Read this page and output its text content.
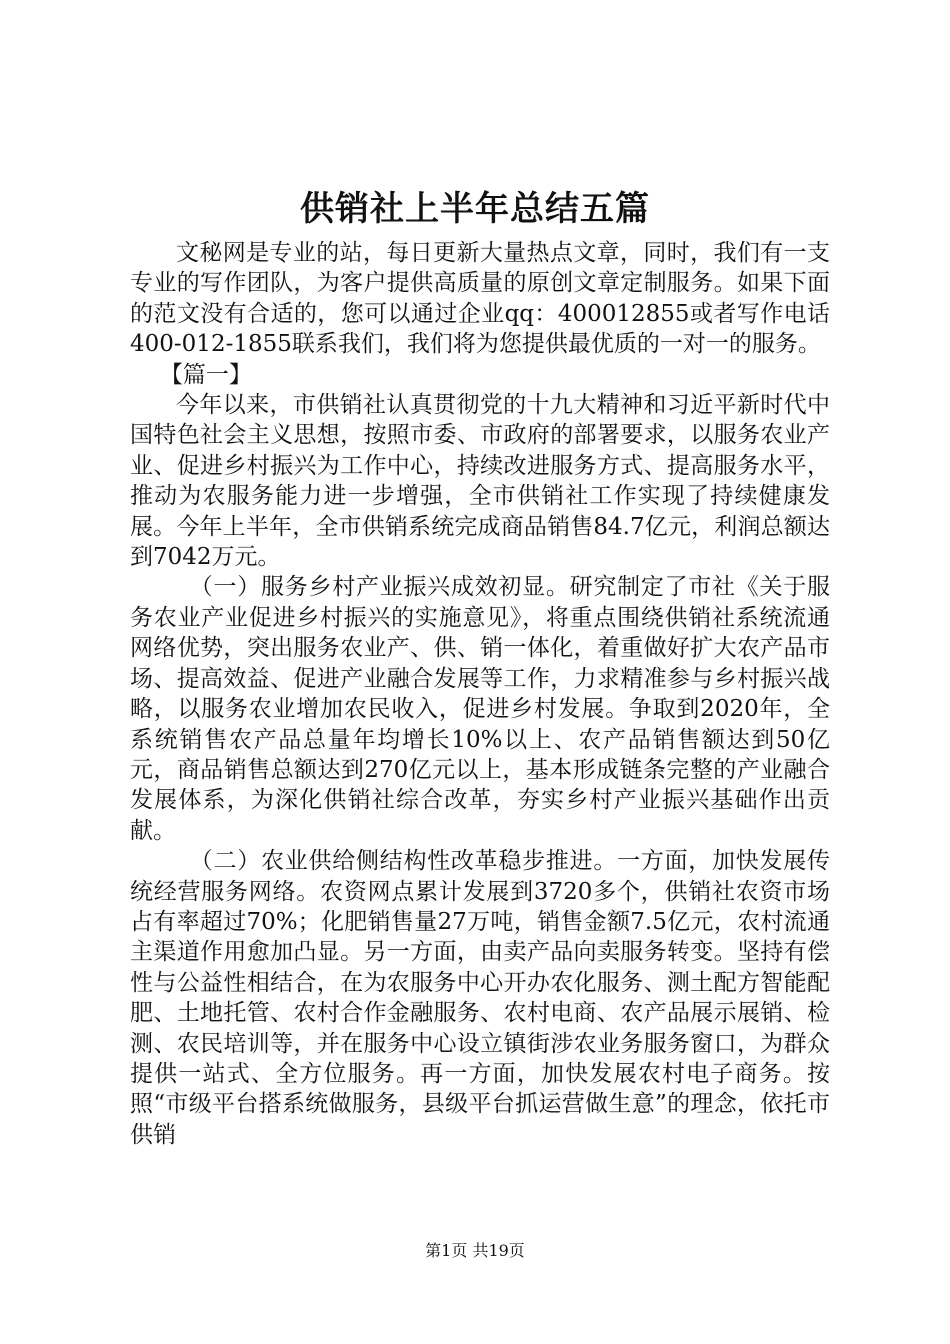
供销社上半年总结五篇

文秘网是专业的站，每日更新大量热点文章，同时，我们有一支专业的写作团队，为客户提供高质量的原创文章定制服务。如果下面的范文没有合适的，您可以通过企业qq：400012855或者写作电话400-012-1855联系我们，我们将为您提供最优质的一对一的服务。

【篇一】

今年以来，市供销社认真贯彻党的十九大精神和习近平新时代中国特色社会主义思想，按照市委、市政府的部署要求，以服务农业产业、促进乡村振兴为工作中心，持续改进服务方式、提高服务水平，推动为农服务能力进一步增强，全市供销社工作实现了持续健康发展。今年上半年，全市供销系统完成商品销售84.7亿元，利润总额达到7042万元。

（一）服务乡村产业振兴成效初显。研究制定了市社《关于服务农业产业促进乡村振兴的实施意见》，将重点围绕供销社系统流通网络优势，突出服务农业产、供、销一体化，着重做好扩大农产品市场、提高效益、促进产业融合发展等工作，力求精准参与乡村振兴战略，以服务农业增加农民收入，促进乡村发展。争取到2020年，全系统销售农产品总量年均增长10%以上、农产品销售额达到50亿元，商品销售总额达到270亿元以上，基本形成链条完整的产业融合发展体系，为深化供销社综合改革，夯实乡村产业振兴基础作出贡献。

（二）农业供给侧结构性改革稳步推进。一方面，加快发展传统经营服务网络。农资网点累计发展到3720多个，供销社农资市场占有率超过70%；化肥销售量27万吨，销售金额7.5亿元，农村流通主渠道作用愈加凸显。另一方面，由卖产品向卖服务转变。坚持有偿性与公益性相结合，在为农服务中心开办农化服务、测土配方智能配肥、土地托管、农村合作金融服务、农村电商、农产品展示展销、检测、农民培训等，并在服务中心设立镇街涉农业务服务窗口，为群众提供一站式、全方位服务。再一方面，加快发展农村电子商务。按照“市级平台搭系统做服务，县级平台抓运营做生意”的理念，依托市供销

第1页 共19页
